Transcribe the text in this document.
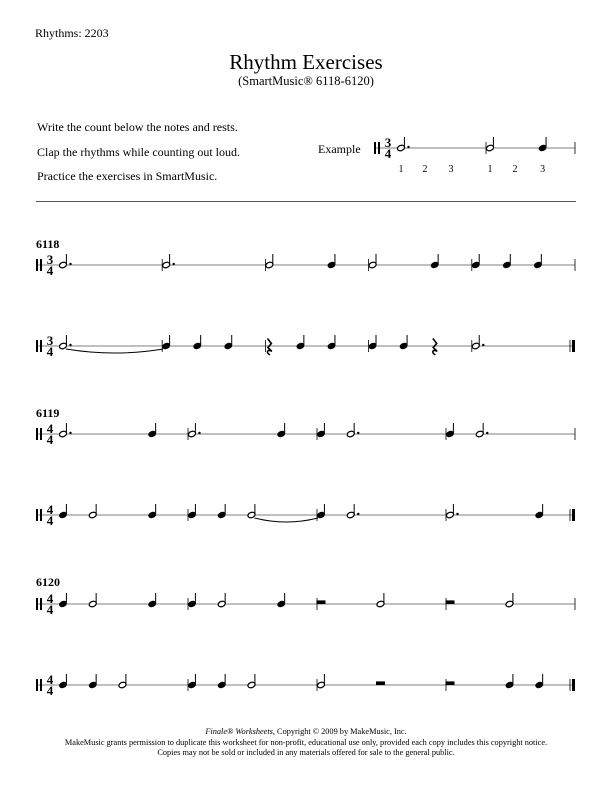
Rhythms: 2203
Rhythm Exercises
(SmartMusic® 6118-6120)
Write the count below the notes and rests.
Clap the rhythms while counting out loud.
Practice the exercises in SmartMusic.
Example
6118
6119
6120
3
4
1 2 3	1 2 3
3
4
3
4
4
4
4
4
4
4
4
4
Finale® Worksheets, Copyright © 2009 by MakeMusic, Inc.
MakeMusic grants permission to duplicate this worksheet for non-profit, educational use only, provided each copy includes this copyright notice.
Copies may not be sold or included in any materials offered for sale to the general public.
